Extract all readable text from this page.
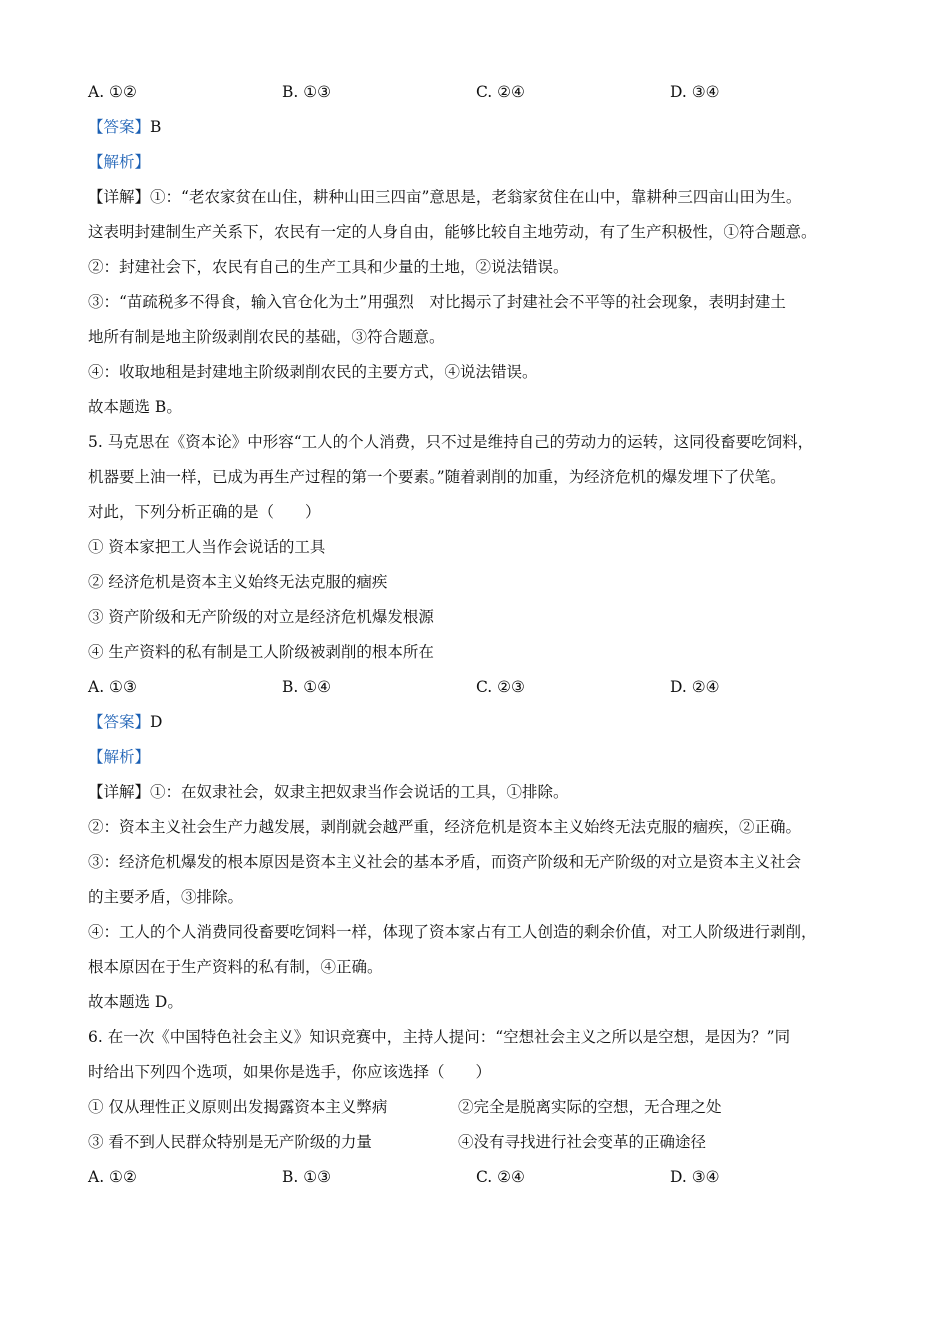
A. ①②	B. ①③	C. ②④	D. ③④
【答案】B
【解析】
【详解】 ①：“老农家贫在山住，耕种山田三四亩”意思是，老翁家贫住在山中，靠耕种三四亩山田为生。
这表明封建制生产关系下，农民有一定的人身自由，能够比较自主地劳动，有了生产积极性，①符合题意。
②：封建社会下，农民有自己的生产工具和少量的土地，②说法错误。
③：“苗疏税多不得食，输入官仓化为土”用强烈　对比揭示了封建社会不平等的社会现象，表明封建土
地所有制是地主阶级剥削农民的基础，③符合题意。
④：收取地租是封建地主阶级剥削农民的主要方式，④说法错误。
故本题选 B。
5. 马克思在《资本论》中形容“工人的个人消费，只不过是维持自己的劳动力的运转，这同役畜要吃饲料，
机器要上油一样，已成为再生产过程的第一个要素。”随着剥削的加重，为经济危机的爆发埋下了伏笔。
对此，下列分析正确的是（　　）
① 资本家把工人当作会说话的工具
② 经济危机是资本主义始终无法克服的痼疾
③ 资产阶级和无产阶级的对立是经济危机爆发根源
④ 生产资料的私有制是工人阶级被剥削的根本所在
A. ①③	B. ①④	C. ②③	D. ②④
【答案】D
【解析】
【详解】①：在奴隶社会，奴隶主把奴隶当作会说话的工具，①排除。
②：资本主义社会生产力越发展，剥削就会越严重，经济危机是资本主义始终无法克服的痼疾，②正确。
③：经济危机爆发的根本原因是资本主义社会的基本矛盾，而资产阶级和无产阶级的对立是资本主义社会
的主要矛盾，③排除。
④：工人的个人消费同役畜要吃饲料一样，体现了资本家占有工人创造的剩余价值，对工人阶级进行剥削，
根本原因在于生产资料的私有制，④正确。
故本题选 D。
6. 在一次《中国特色社会主义》知识竞赛中，主持人提问：“空想社会主义之所以是空想，是因为？”同
时给出下列四个选项，如果你是选手，你应该选择（　　）
① 仅从理性正义原则出发揭露资本主义弊病	②完全是脱离实际的空想，无合理之处
③ 看不到人民群众特别是无产阶级的力量	④没有寻找进行社会变革的正确途径
A. ①②	B. ①③	C. ②④	D. ③④
